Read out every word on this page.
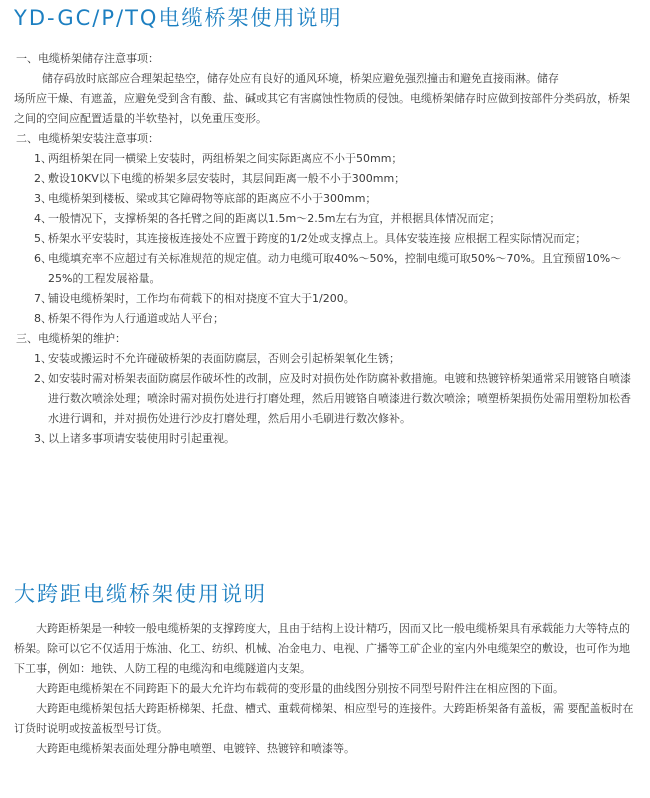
YD-GC/P/TQ电缆桥架使用说明

一、电缆桥架储存注意事项：

储存码放时底部应合理架起垫空，储存处应有良好的通风环境，桥架应避免强烈撞击和避免直接雨淋。储存

场所应干燥、有遮盖，应避免受到含有酸、盐、碱或其它有害腐蚀性物质的侵蚀。电缆桥架储存时应做到按部件分类码放，桥架之间的空间应配置适量的半软垫衬，以免重压变形。

二、电缆桥架安装注意事项：

1、两组桥架在同一横梁上安装时，两组桥架之间实际距离应不小于50mm；

2、敷设10KV以下电缆的桥架多层安装时，其层间距离一般不小于300mm；

3、电缆桥架到楼板、梁或其它障碍物等底部的距离应不小于300mm；

4、一般情况下，支撑桥架的各托臂之间的距离以1.5m～2.5m左右为宜，并根据具体情况而定；

5、桥架水平安装时，其连接板连接处不应置于跨度的1/2处或支撑点上。具体安装连接 应根据工程实际情况而定；

6、电缆填充率不应超过有关标准规范的规定值。动力电缆可取40%～50%，控制电缆可取50%～70%。且宜预留10%～25%的工程发展裕量。

7、铺设电缆桥架时，工作均布荷载下的相对挠度不宜大于1/200。

8、桥架不得作为人行通道或站人平台；

三、电缆桥架的维护：

1、安装或搬运时不允许碰破桥架的表面防腐层，否则会引起桥架氧化生锈；

2、如安装时需对桥架表面防腐层作破坏性的改制，应及时对损伤处作防腐补救措施。电镀和热镀锌桥架通常采用镀铬自喷漆进行数次喷涂处理；喷涂时需对损伤处进行打磨处理，然后用镀铬自喷漆进行数次喷涂；喷塑桥架损伤处需用塑粉加松香水进行调和，并对损伤处进行沙皮打磨处理，然后用小毛刷进行数次修补。

3、以上诸多事项请安装使用时引起重视。

大跨距电缆桥架使用说明

大跨距桥架是一种较一般电缆桥架的支撑跨度大，且由于结构上设计精巧，因而又比一般电缆桥架具有承载能力大等特点的桥架。除可以它不仅适用于炼油、化工、纺织、机械、冶金电力、电视、广播等工矿企业的室内外电缆架空的敷设，也可作为地下工事，例如：地铁、人防工程的电缆沟和电缆隧道内支架。

大跨距电缆桥架在不同跨距下的最大允许均布载荷的变形量的曲线图分别按不同型号附件注在相应图的下面。

大跨距电缆桥架包括大跨距桥梯架、托盘、槽式、重载荷梯架、相应型号的连接件。大跨距桥架备有盖板，需 要配盖板时在订货时说明或按盖板型号订货。

大跨距电缆桥架表面处理分静电喷塑、电镀锌、热镀锌和喷漆等。
